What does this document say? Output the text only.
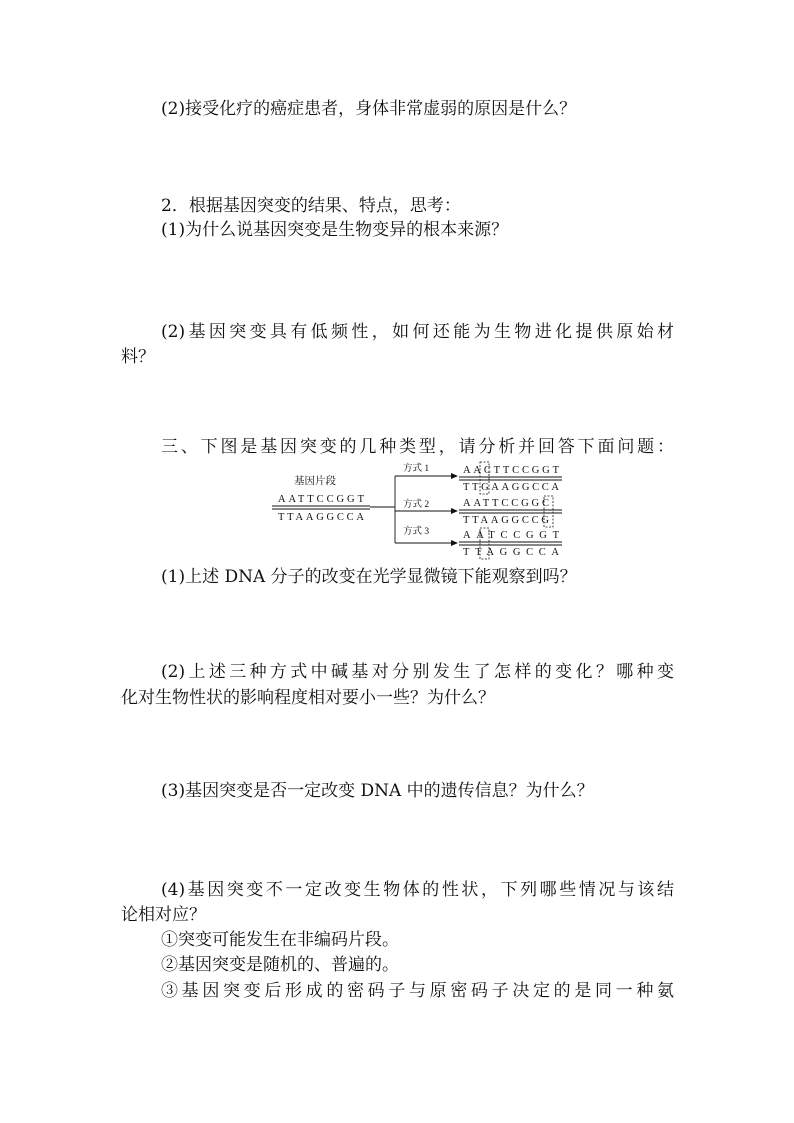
(2)接受化疗的癌症患者，身体非常虚弱的原因是什么？
2．根据基因突变的结果、特点，思考：
(1)为什么说基因突变是生物变异的根本来源？
(2)基因突变具有低频性，如何还能为生物进化提供原始材
料？
三、下图是基因突变的几种类型，请分析并回答下面问题：
基因片段
AATTCCGGT
TTAAGGCCA
方式 1
方式 2
方式 3
AACTTCCGGT
TTGAAGGCCA
AATTCCGGC
TTAAGGCCG
AATCCGGT
TTAGGCCA
(1)上述 DNA 分子的改变在光学显微镜下能观察到吗？
(2)上述三种方式中碱基对分别发生了怎样的变化？哪种变
化对生物性状的影响程度相对要小一些？为什么？
(3)基因突变是否一定改变 DNA 中的遗传信息？为什么？
(4)基因突变不一定改变生物体的性状，下列哪些情况与该结
论相对应？
①突变可能发生在非编码片段。
②基因突变是随机的、普遍的。
③基因突变后形成的密码子与原密码子决定的是同一种氨
